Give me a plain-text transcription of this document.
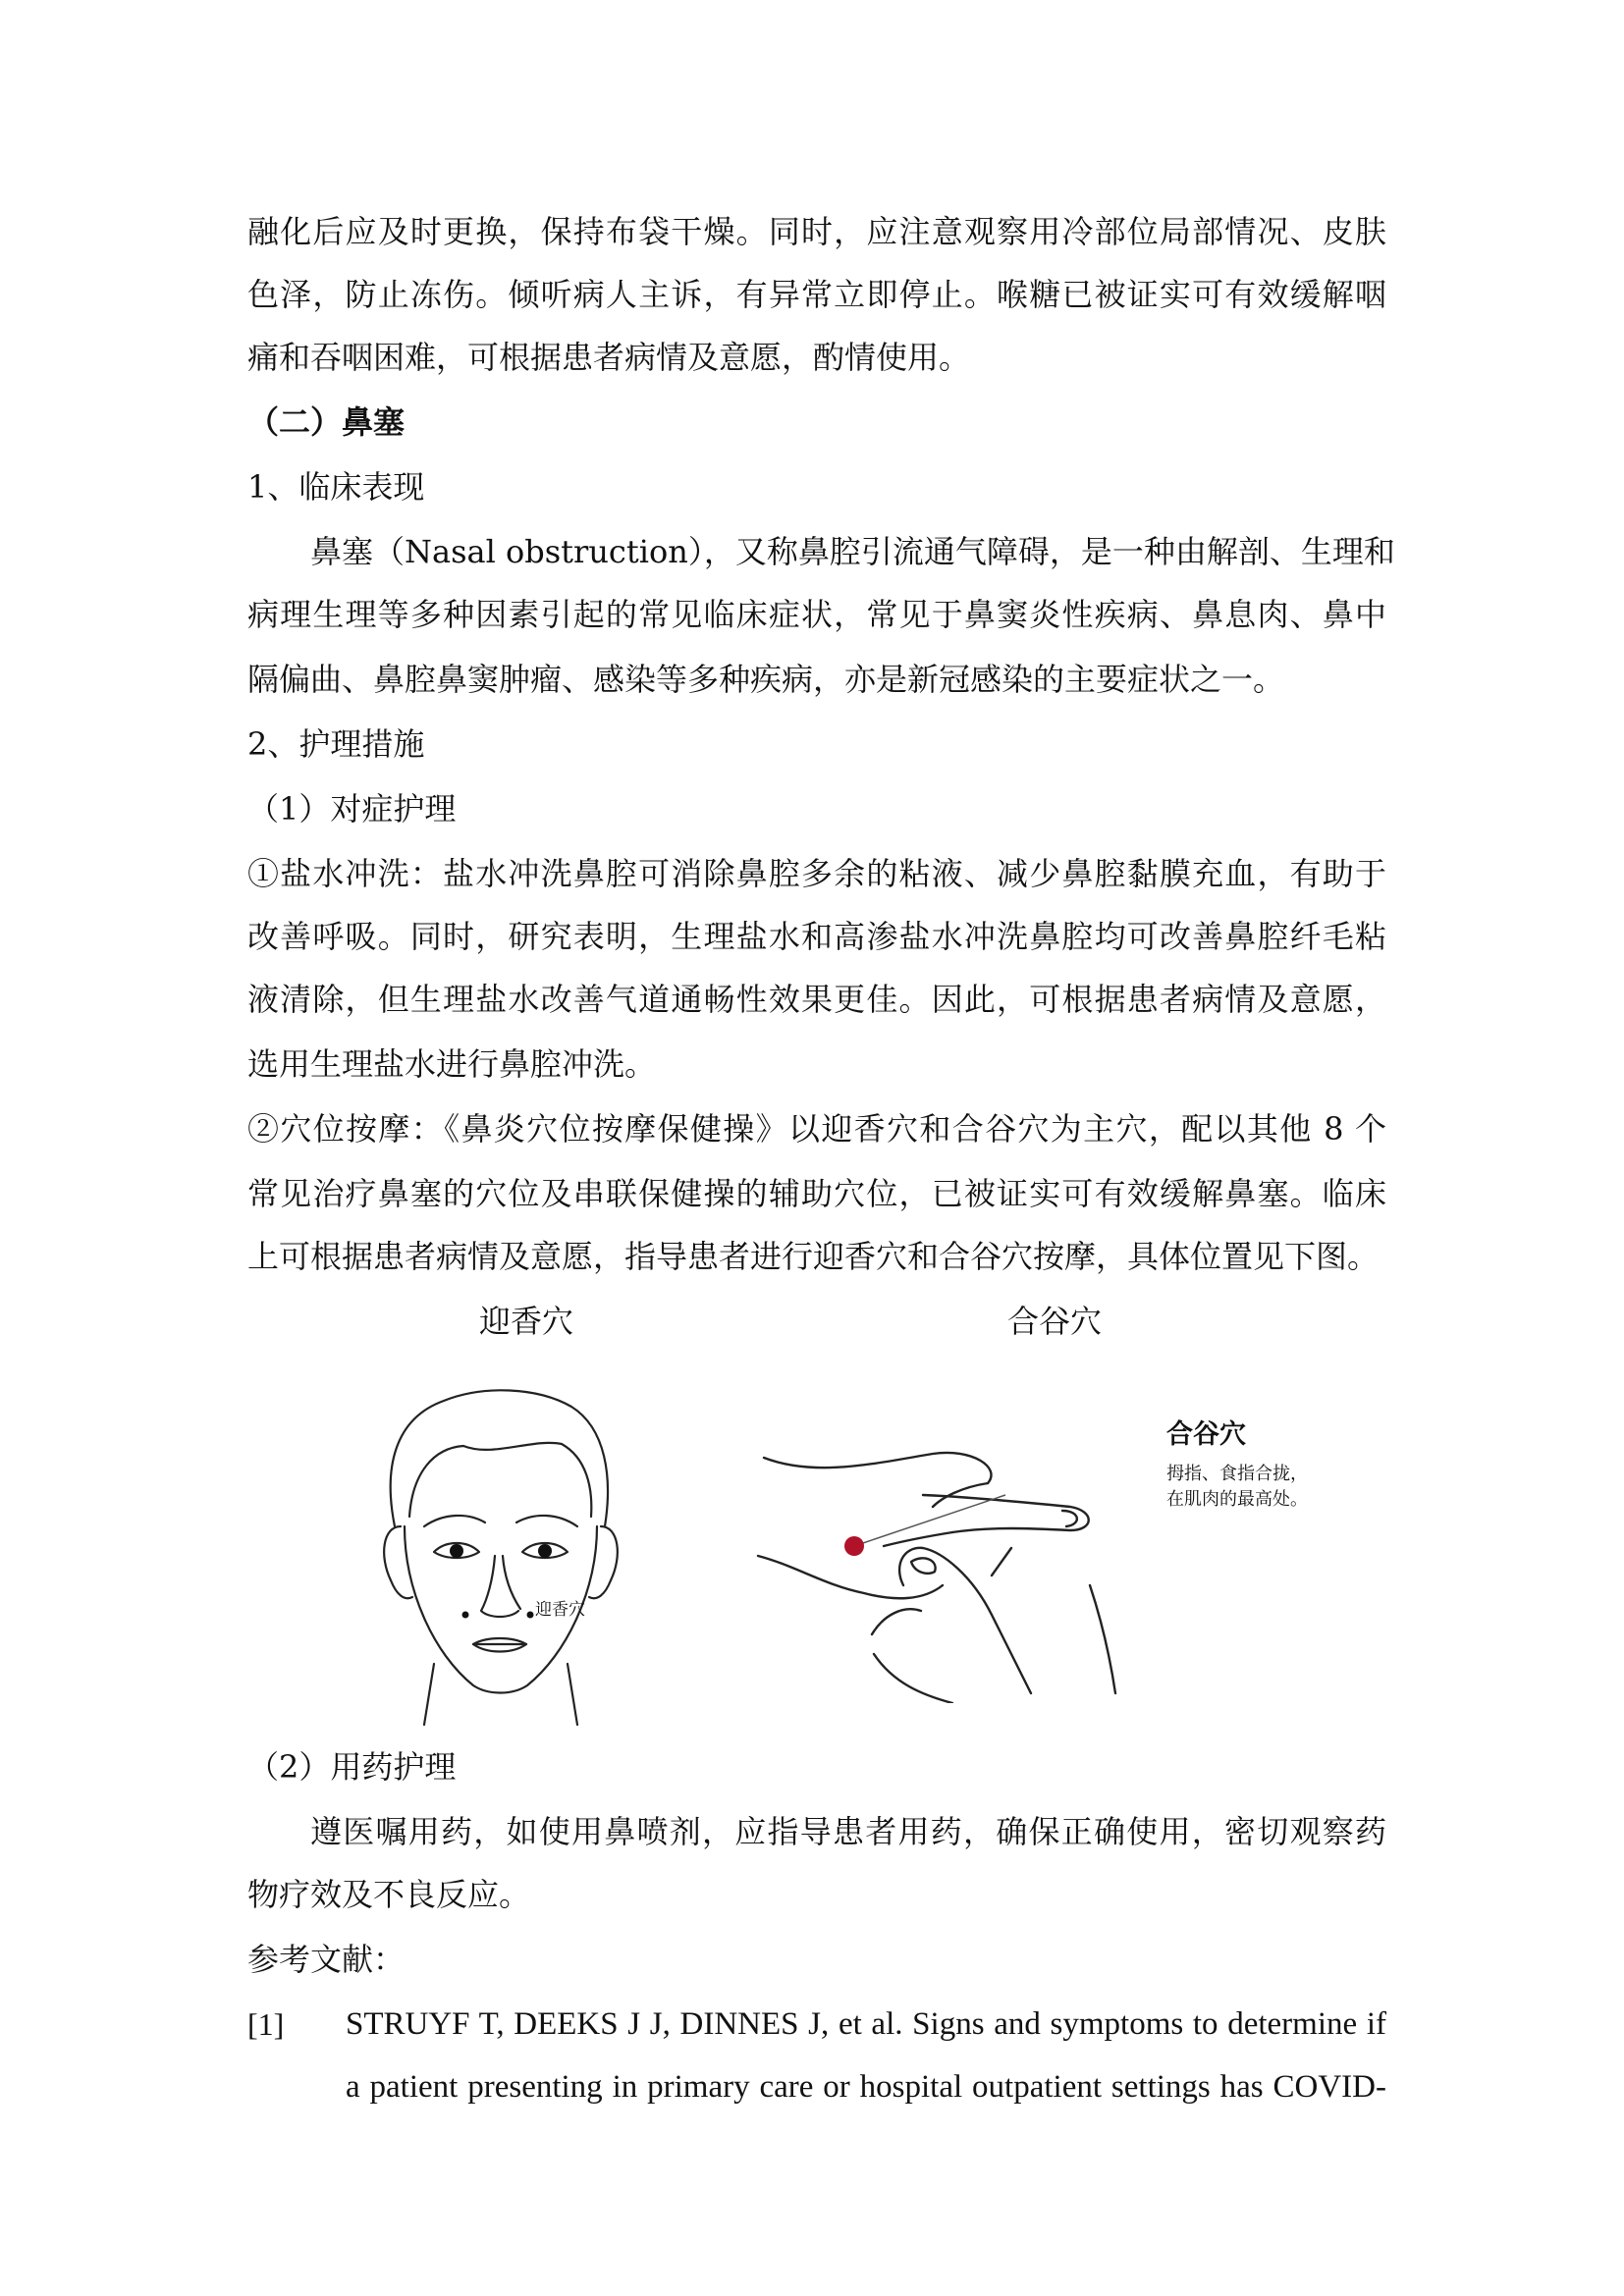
融化后应及时更换，保持布袋干燥。同时，应注意观察用冷部位局部情况、皮肤
色泽，防止冻伤。倾听病人主诉，有异常立即停止。喉糖已被证实可有效缓解咽
痛和吞咽困难，可根据患者病情及意愿，酌情使用。
（二）鼻塞
1、临床表现
鼻塞（Nasal obstruction），又称鼻腔引流通气障碍，是一种由解剖、生理和
病理生理等多种因素引起的常见临床症状，常见于鼻窦炎性疾病、鼻息肉、鼻中
隔偏曲、鼻腔鼻窦肿瘤、感染等多种疾病，亦是新冠感染的主要症状之一。
2、护理措施
（1）对症护理
①盐水冲洗：盐水冲洗鼻腔可消除鼻腔多余的粘液、减少鼻腔黏膜充血，有助于
改善呼吸。同时，研究表明，生理盐水和高渗盐水冲洗鼻腔均可改善鼻腔纤毛粘
液清除，但生理盐水改善气道通畅性效果更佳。因此，可根据患者病情及意愿，
选用生理盐水进行鼻腔冲洗。
②穴位按摩：《鼻炎穴位按摩保健操》以迎香穴和合谷穴为主穴，配以其他 8 个
常见治疗鼻塞的穴位及串联保健操的辅助穴位，已被证实可有效缓解鼻塞。临床
上可根据患者病情及意愿，指导患者进行迎香穴和合谷穴按摩，具体位置见下图。
迎香穴	合谷穴
迎香穴
合谷穴
拇指、食指合拢，
在肌肉的最高处。
（2）用药护理
遵医嘱用药，如使用鼻喷剂，应指导患者用药，确保正确使用，密切观察药
物疗效及不良反应。
参考文献：
[1] STRUYF T, DEEKS J J, DINNES J, et al. Signs and symptoms to determine if
a patient presenting in primary care or hospital outpatient settings has COVID-
